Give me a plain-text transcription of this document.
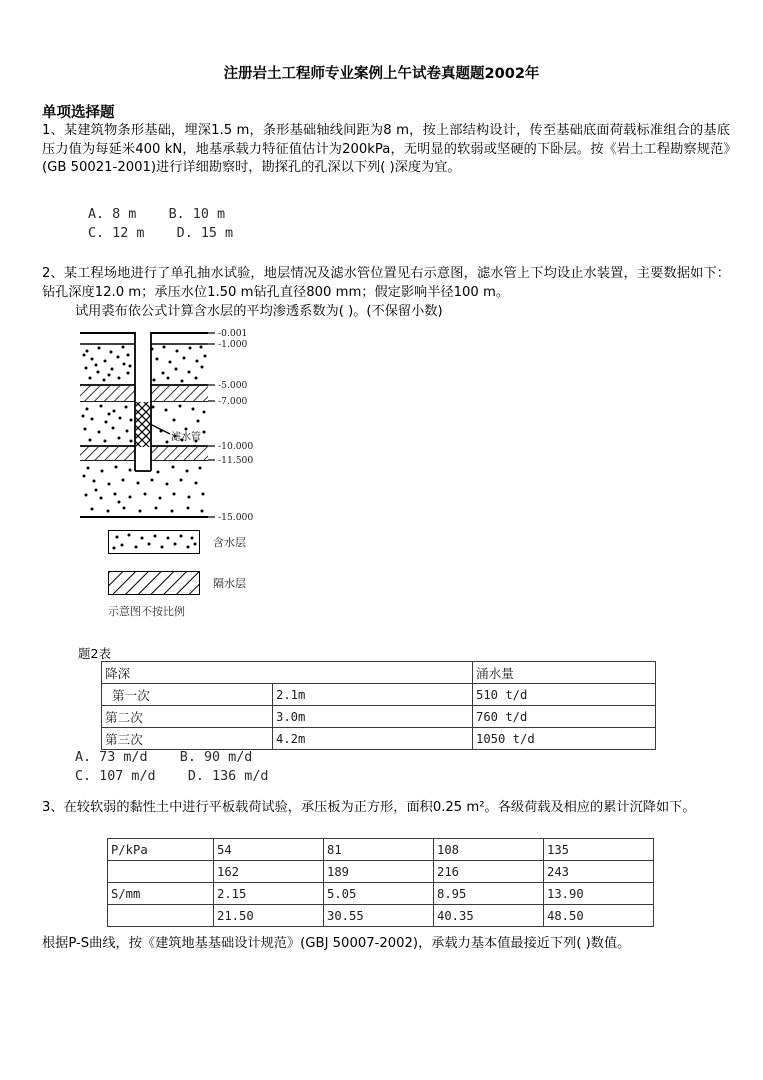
注册岩土工程师专业案例上午试卷真题题2002年
单项选择题
1、某建筑物条形基础，埋深1.5 m，条形基础轴线间距为8 m，按上部结构设计，传至基础底面荷载标准组合的基底压力值为每延米400 kN，地基承载力特征值估计为200kPa，无明显的软弱或坚硬的下卧层。按《岩土工程勘察规范》(GB 50021-2001)进行详细勘察时，勘探孔的孔深以下列( )深度为宜。
A. 8 m    B. 10 m
C. 12 m    D. 15 m
2、某工程场地进行了单孔抽水试验，地层情况及滤水管位置见右示意图，滤水管上下均设止水装置，主要数据如下：钻孔深度12.0 m；承压水位1.50 m钻孔直径800 mm；假定影响半径100 m。
试用裘布依公式计算含水层的平均渗透系数为( )。(不保留小数)
-0.001
-1.000
-5.000
-7.000
-10.000
-11.500
-15.000
滤水管
含水层
隔水层
示意图不按比例
题2表
降深		涌水量
第一次	2.1m	510 t/d
第二次	3.0m	760 t/d
第三次	4.2m	1050 t/d
A. 73 m/d    B. 90 m/d
C. 107 m/d    D. 136 m/d
3、在较软弱的黏性土中进行平板载荷试验，承压板为正方形，面积0.25 m²。各级荷载及相应的累计沉降如下。
P/kPa	54	81	108	135
	162	189	216	243
S/mm	2.15	5.05	8.95	13.90
	21.50	30.55	40.35	48.50
根据P-S曲线，按《建筑地基基础设计规范》(GBJ 50007-2002)，承载力基本值最接近下列( )数值。
